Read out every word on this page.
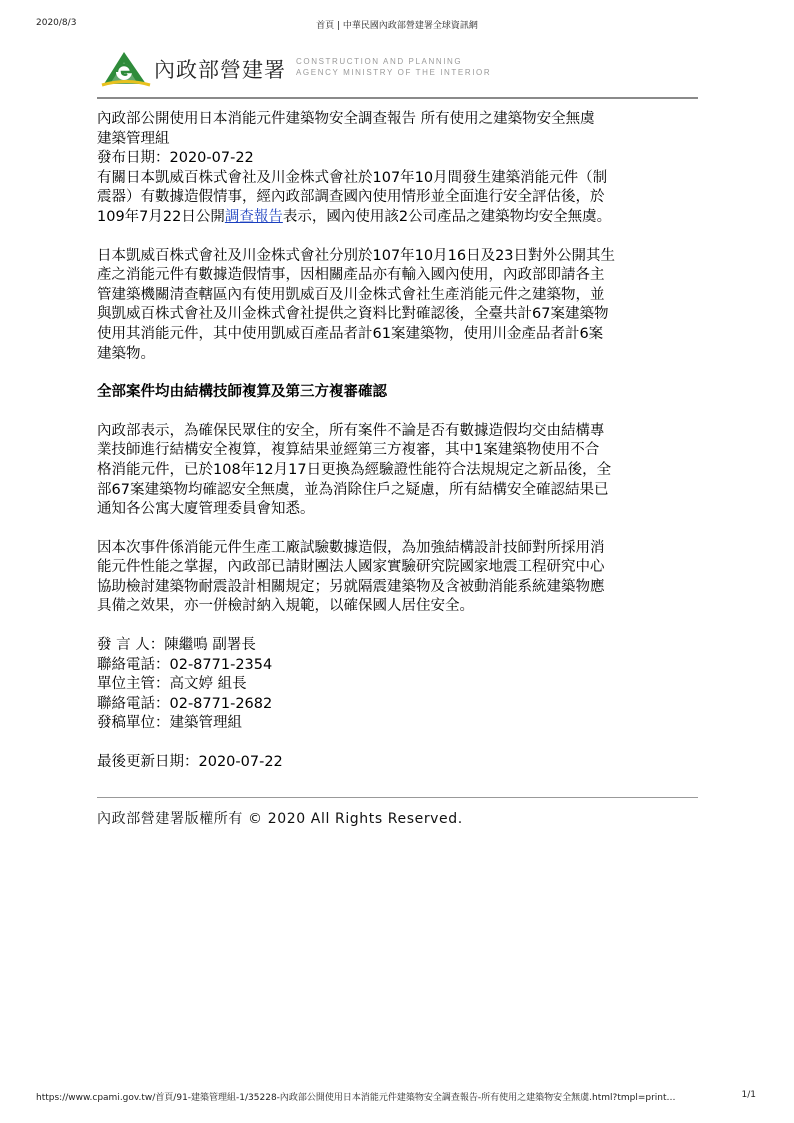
2020/8/3	首頁 | 中華民國內政部營建署全球資訊網
內政部營建署 CONSTRUCTION AND PLANNING
AGENCY MINISTRY OF THE INTERIOR

內政部公開使用日本消能元件建築物安全調查報告 所有使用之建築物安全無虞

建築管理組

發布日期：2020-07-22

有關日本凱威百株式會社及川金株式會社於107年10月間發生建築消能元件（制

震器）有數據造假情事，經內政部調查國內使用情形並全面進行安全評估後，於

109年7月22日公開調查報告表示，國內使用該2公司產品之建築物均安全無虞。

日本凱威百株式會社及川金株式會社分別於107年10月16日及23日對外公開其生

產之消能元件有數據造假情事，因相關產品亦有輸入國內使用，內政部即請各主

管建築機關清查轄區內有使用凱威百及川金株式會社生產消能元件之建築物，並

與凱威百株式會社及川金株式會社提供之資料比對確認後，全臺共計67案建築物

使用其消能元件，其中使用凱威百產品者計61案建築物，使用川金產品者計6案

建築物。

全部案件均由結構技師複算及第三方複審確認

內政部表示，為確保民眾住的安全，所有案件不論是否有數據造假均交由結構專

業技師進行結構安全複算，複算結果並經第三方複審，其中1案建築物使用不合

格消能元件，已於108年12月17日更換為經驗證性能符合法規規定之新品後，全

部67案建築物均確認安全無虞，並為消除住戶之疑慮，所有結構安全確認結果已

通知各公寓大廈管理委員會知悉。

因本次事件係消能元件生產工廠試驗數據造假，為加強結構設計技師對所採用消

能元件性能之掌握，內政部已請財團法人國家實驗研究院國家地震工程研究中心

協助檢討建築物耐震設計相關規定；另就隔震建築物及含被動消能系統建築物應

具備之效果，亦一併檢討納入規範，以確保國人居住安全。

發 言 人：陳繼鳴 副署長

聯絡電話：02-8771-2354

單位主管：高文婷 組長

聯絡電話：02-8771-2682

發稿單位：建築管理組

最後更新日期：2020-07-22

內政部營建署版權所有 © 2020 All Rights Reserved.
https://www.cpami.gov.tw/首頁/91-建築管理組-1/35228-內政部公開使用日本消能元件建築物安全調查報告-所有使用之建築物安全無虞.html?tmpl=print…	1/1
